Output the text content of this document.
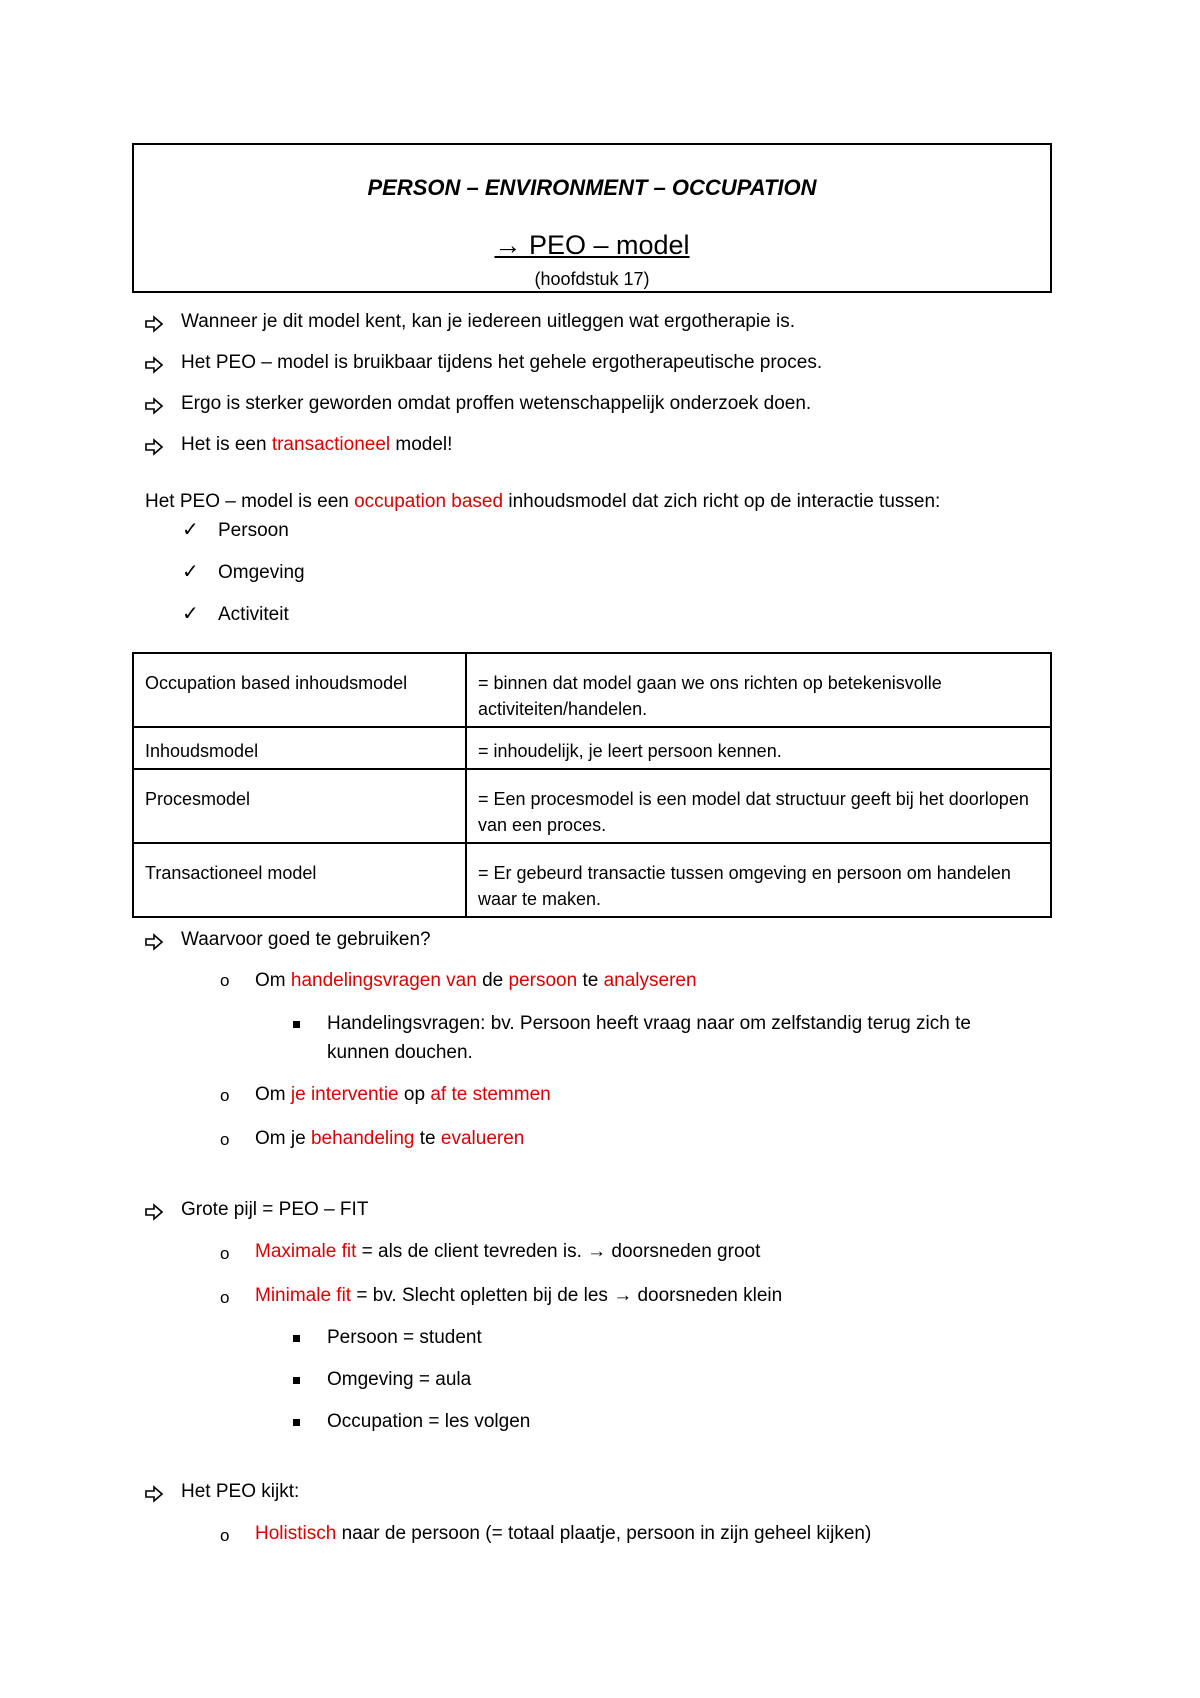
PERSON – ENVIRONMENT – OCCUPATION
→ PEO – model
(hoofdstuk 17)
Wanneer je dit model kent, kan je iedereen uitleggen wat ergotherapie is.
Het PEO – model is bruikbaar tijdens het gehele ergotherapeutische proces.
Ergo is sterker geworden omdat proffen wetenschappelijk onderzoek doen.
Het is een transactioneel model!
Het PEO – model is een occupation based inhoudsmodel dat zich richt op de interactie tussen:
✓ Persoon
✓ Omgeving
✓ Activiteit
Occupation based inhoudsmodel	= binnen dat model gaan we ons richten op betekenisvolle activiteiten/handelen.
Inhoudsmodel	= inhoudelijk, je leert persoon kennen.
Procesmodel	= Een procesmodel is een model dat structuur geeft bij het doorlopen van een proces.
Transactioneel model	= Er gebeurd transactie tussen omgeving en persoon om handelen waar te maken.
Waarvoor goed te gebruiken?
o Om handelingsvragen van de persoon te analyseren
Handelingsvragen: bv. Persoon heeft vraag naar om zelfstandig terug zich te
kunnen douchen.
o Om je interventie op af te stemmen
o Om je behandeling te evalueren
Grote pijl = PEO – FIT
o Maximale fit = als de client tevreden is. → doorsneden groot
o Minimale fit = bv. Slecht opletten bij de les → doorsneden klein
Persoon = student
Omgeving = aula
Occupation = les volgen
Het PEO kijkt:
o Holistisch naar de persoon (= totaal plaatje, persoon in zijn geheel kijken)
